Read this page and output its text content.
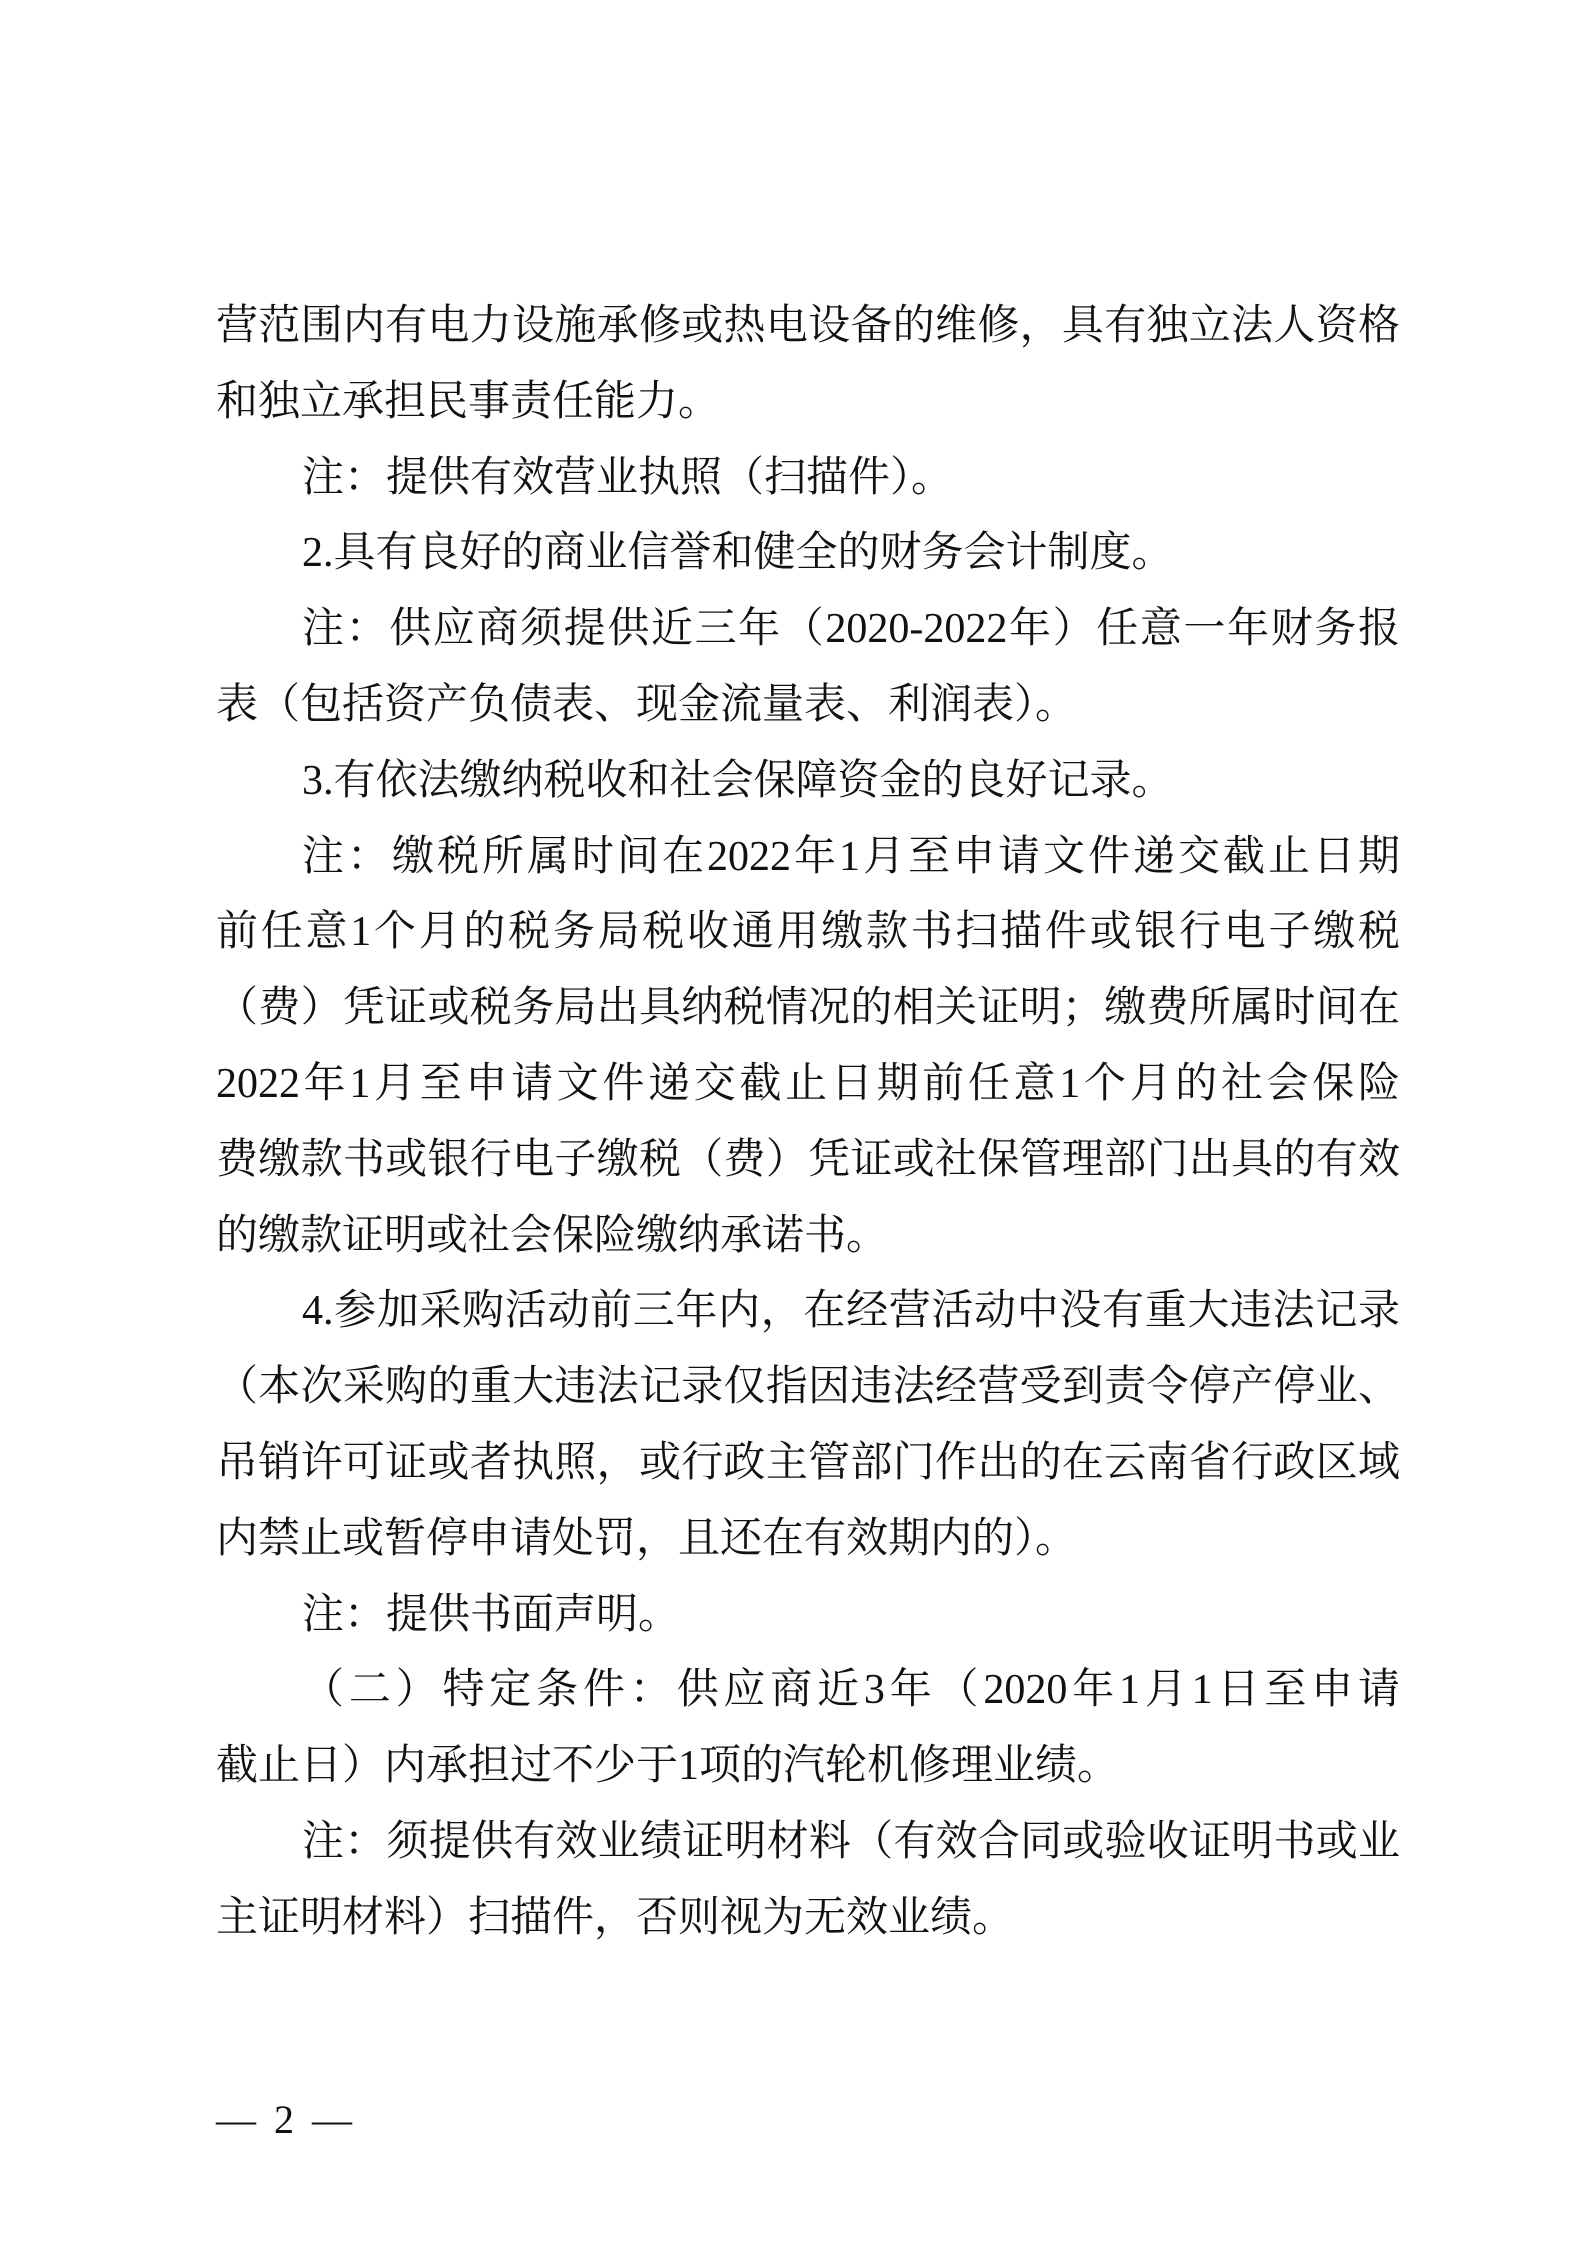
营范围内有电力设施承修或热电设备的维修，具有独立法人资格
和独立承担民事责任能力。
注：提供有效营业执照（扫描件）。
2.具有良好的商业信誉和健全的财务会计制度。
注：供应商须提供近三年（2020-2022年）任意一年财务报
表（包括资产负债表、现金流量表、利润表）。
3.有依法缴纳税收和社会保障资金的良好记录。
注：缴税所属时间在2022年1月至申请文件递交截止日期
前任意1个月的税务局税收通用缴款书扫描件或银行电子缴税
（费）凭证或税务局出具纳税情况的相关证明；缴费所属时间在
2022年1月至申请文件递交截止日期前任意1个月的社会保险
费缴款书或银行电子缴税（费）凭证或社保管理部门出具的有效
的缴款证明或社会保险缴纳承诺书。
4.参加采购活动前三年内，在经营活动中没有重大违法记录
（本次采购的重大违法记录仅指因违法经营受到责令停产停业、
吊销许可证或者执照，或行政主管部门作出的在云南省行政区域
内禁止或暂停申请处罚，且还在有效期内的）。
注：提供书面声明。
（二）特定条件：供应商近3年（2020年1月1日至申请
截止日）内承担过不少于1项的汽轮机修理业绩。
注：须提供有效业绩证明材料（有效合同或验收证明书或业
主证明材料）扫描件，否则视为无效业绩。
— 2 —
